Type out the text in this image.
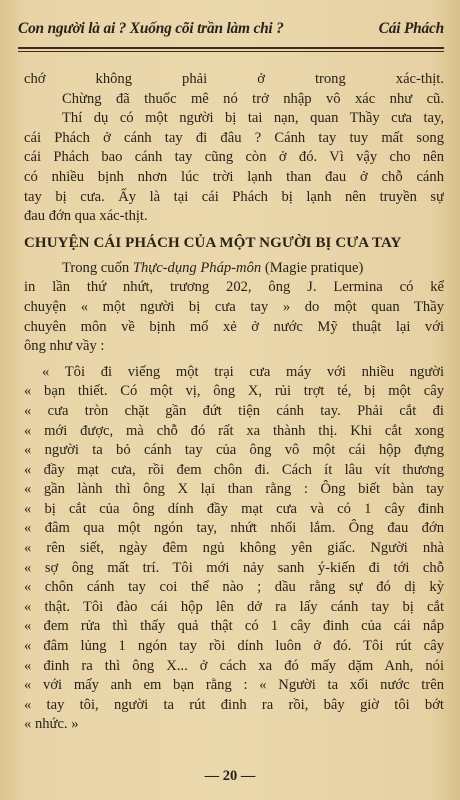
Con người là ai ? Xuống cõi trần làm chi ?	Cái Phách
chớ không phải ở trong xác-thịt.
Chừng đã thuốc mê nó trở nhập vô xác như cũ.
Thí dụ có một người bị tai nạn, quan Thầy cưa tay,
cái Phách ở cánh tay đi đâu ? Cánh tay tuy mất song
cái Phách bao cánh tay cũng còn ở đó. Vì vậy cho nên
có nhiều bịnh nhơn lúc trời lạnh than đau ở chỗ cánh
tay bị cưa. Ấy là tại cái Phách bị lạnh nên truyền sự
đau đớn qua xác-thịt.
CHUYỆN CÁI PHÁCH CỦA MỘT NGƯỜI BỊ CƯA TAY
Trong cuốn Thực-dụng Pháp-môn (Magie pratique)
in lần thứ nhứt, trương 202, ông J. Lermina có kể
chuyện « một người bị cưa tay » do một quan Thầy
chuyên môn về bịnh mổ xẻ ở nước Mỹ thuật lại với
ông như vầy :
« Tôi đi viếng một trại cưa máy với nhiều người
« bạn thiết. Có một vị, ông X, rủi trợt té, bị một cây
« cưa tròn chặt gần đứt tiện cánh tay. Phải cắt đi
« mới được, mà chỗ đó rất xa thành thị. Khi cắt xong
« người ta bỏ cánh tay của ông vô một cái hộp đựng
« đầy mạt cưa, rồi đem chôn đi. Cách ít lâu vít thương
« gần lành thì ông X lại than rằng : Ông biết bàn tay
« bị cắt của ông dính đầy mạt cưa và có 1 cây đinh
« đâm qua một ngón tay, nhứt nhối lắm. Ông đau đớn
« rên siết, ngày đêm ngủ không yên giấc. Người nhà
« sợ ông mất trí. Tôi mới nảy sanh ý-kiến đi tới chỗ
« chôn cánh tay coi thể nào ; dầu rằng sự đó dị kỳ
« thật. Tôi đào cái hộp lên dở ra lấy cánh tay bị cắt
« đem rửa thì thấy quả thật có 1 cây đinh của cái nắp
« đâm lủng 1 ngón tay rồi dính luôn ở đó. Tôi rút cây
« đinh ra thì ông X... ở cách xa đó mấy dặm Anh, nói
« với mấy anh em bạn rằng : « Người ta xối nước trên
« tay tôi, người ta rút đinh ra rồi, bây giờ tôi bớt
« nhức. »
— 20 —
